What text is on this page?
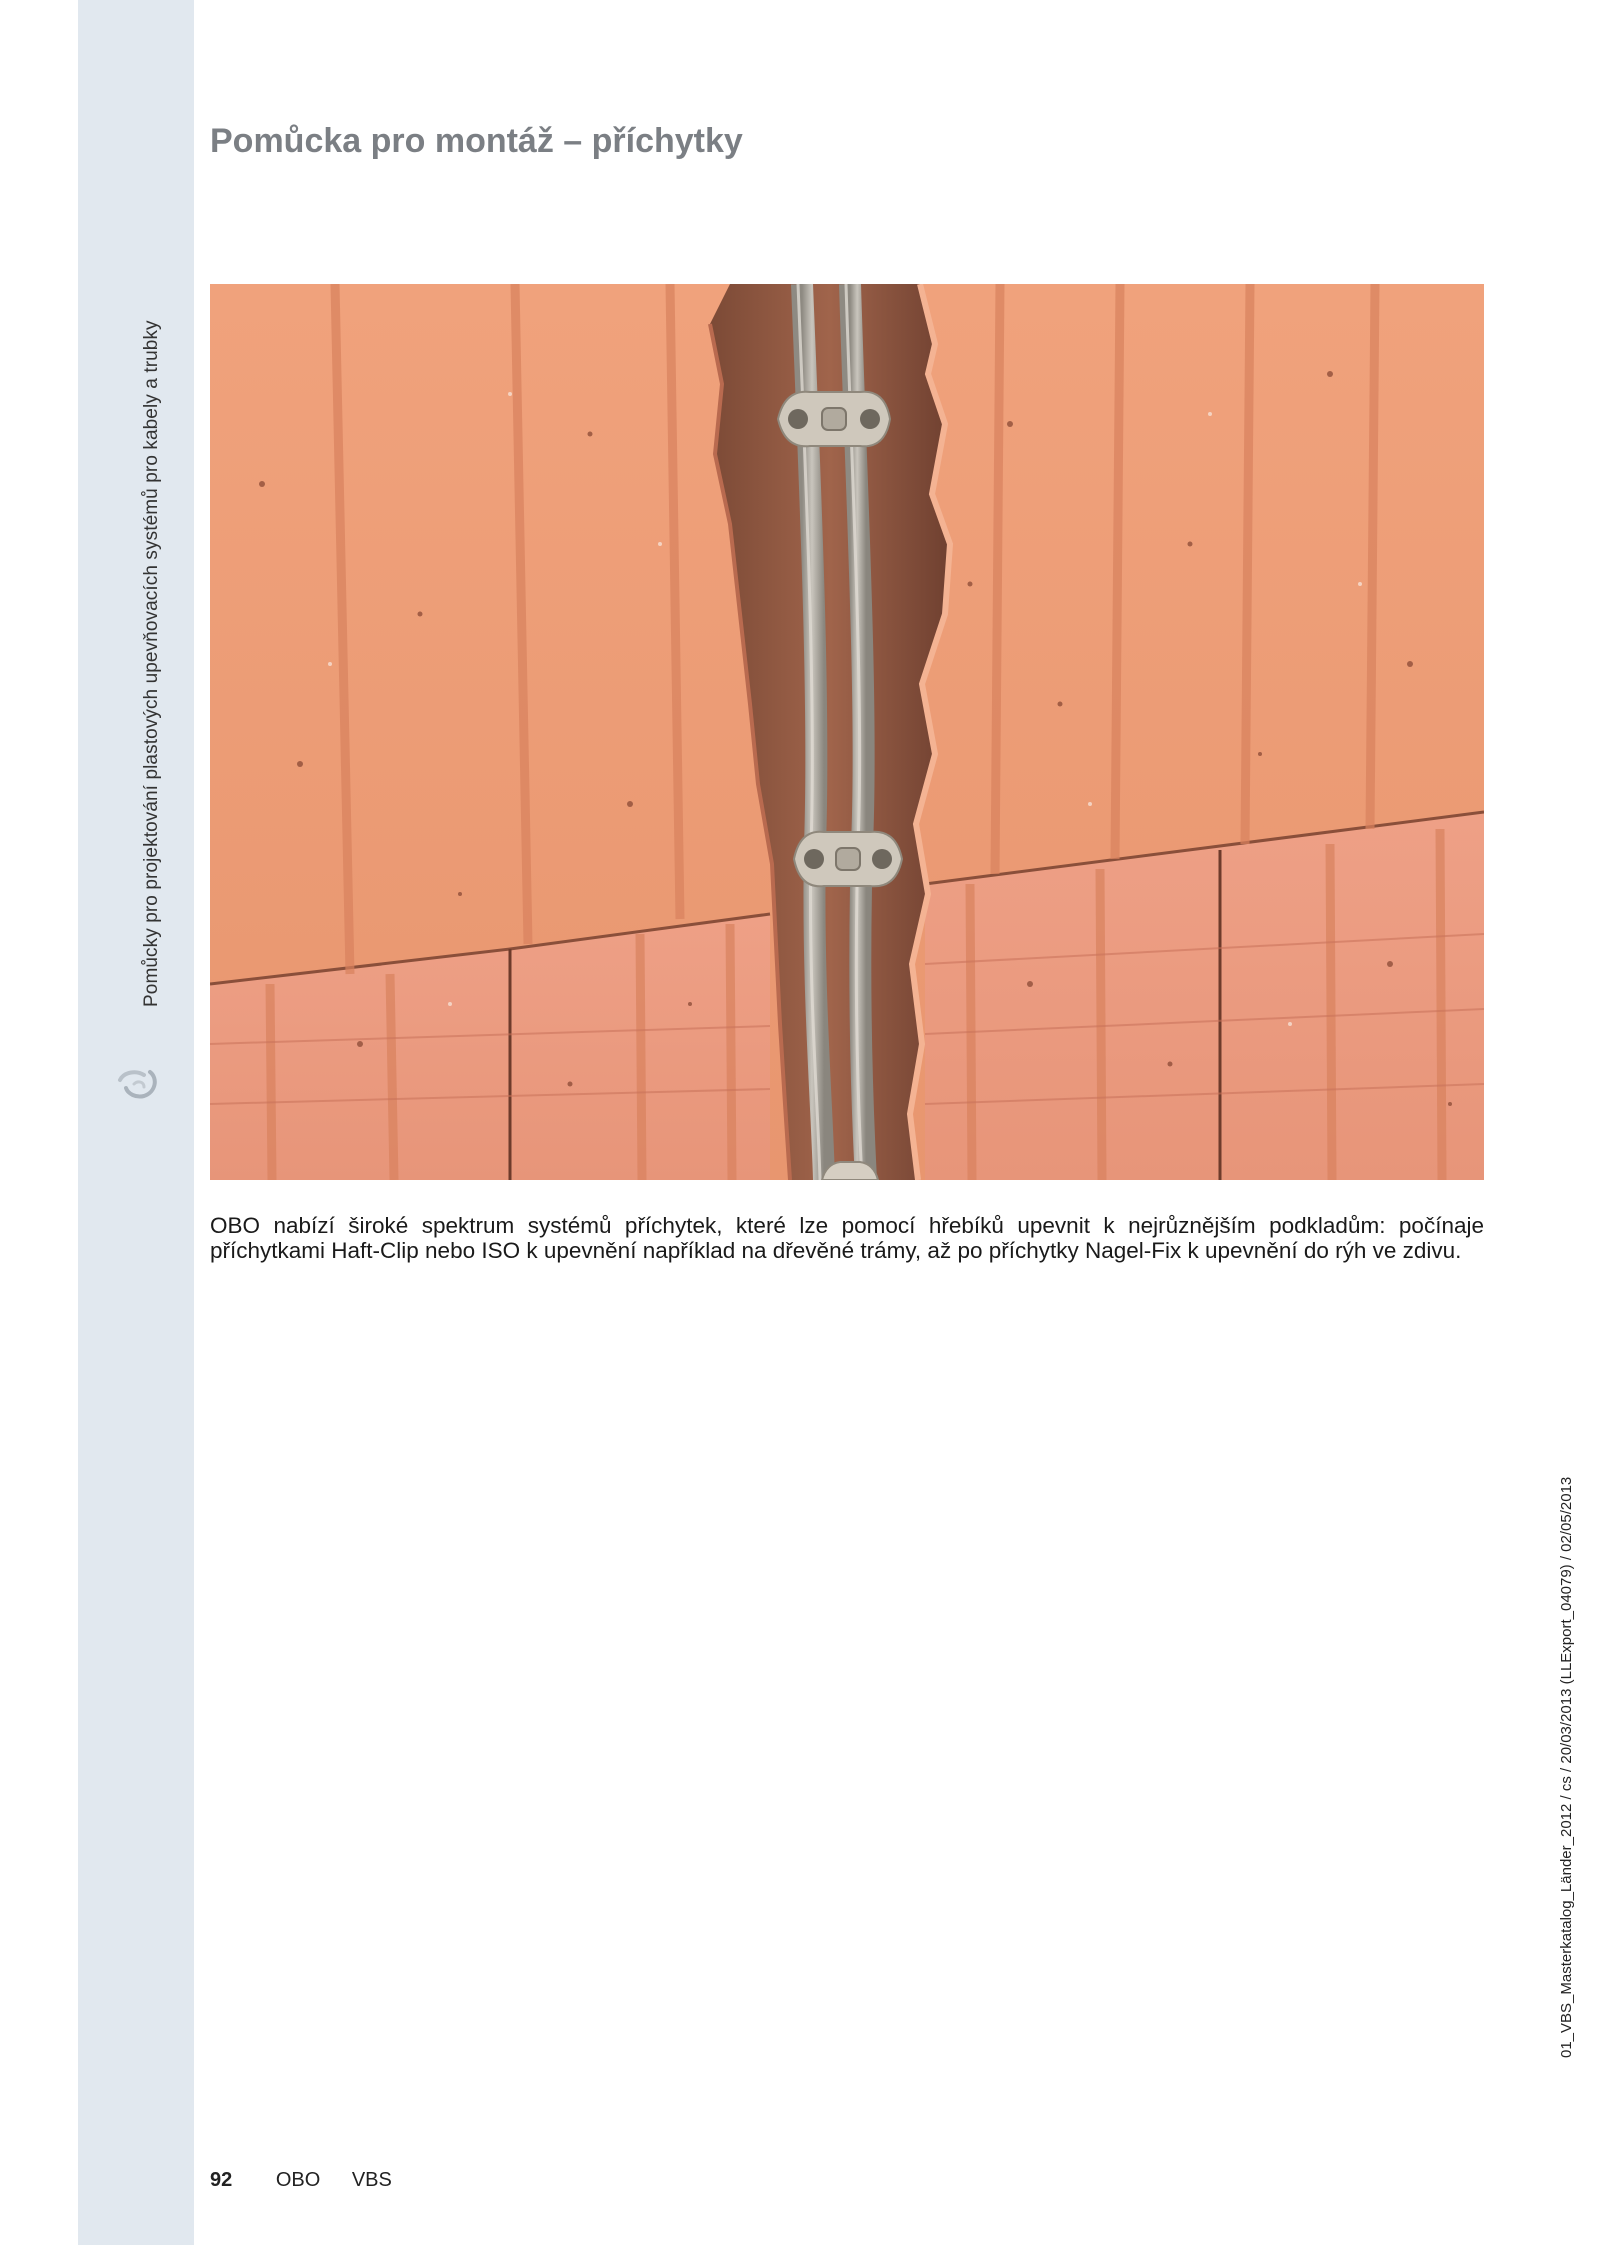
Pomůcky pro projektování plastových upevňovacích systémů pro kabely a trubky
Pomůcka pro montáž – příchytky

OBO nabízí široké spektrum systémů příchytek, které lze pomocí hřebíků upevnit k nejrůznějším podkladům: počínaje příchytkami Haft-Clip nebo ISO k upevnění například na dřevěné trámy, až po příchytky Nagel-Fix k upevnění do rýh ve zdivu.

01_VBS_Masterkatalog_Länder_2012 / cs / 20/03/2013 (LLExport_04079) / 02/05/2013
92 OBO VBS
